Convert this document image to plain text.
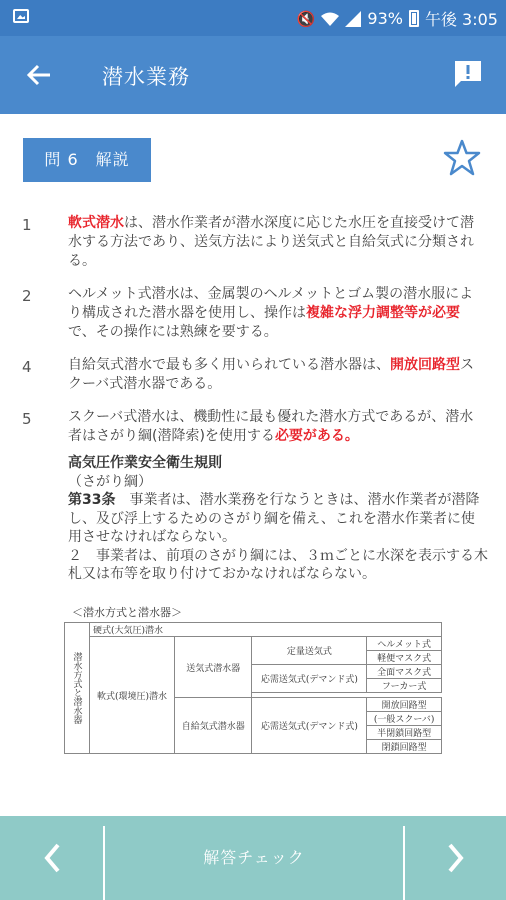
🔇	93% 午後 3:05
潜水業務
問 6　解説
1	軟式潜水は、潜水作業者が潜水深度に応じた水圧を直接受けて潜水する方法であり、送気方法により送気式と自給気式に分類される。
2	ヘルメット式潜水は、金属製のヘルメットとゴム製の潜水服により構成された潜水器を使用し、操作は複雑な浮力調整等が必要で、その操作には熟練を要する。
4	自給気式潜水で最も多く用いられている潜水器は、開放回路型スクーバ式潜水器である。
5	スクーバ式潜水は、機動性に最も優れた潜水方式であるが、潜水者はさがり綱(潜降索)を使用する必要がある。
高気圧作業安全衛生規則
（さがり綱）
第33条　事業者は、潜水業務を行なうときは、潜水作業者が潜降し、及び浮上するためのさがり綱を備え、これを潜水作業者に使用させなければならない。
２　事業者は、前項のさがり綱には、３ｍごとに水深を表示する木札又は布等を取り付けておかなければならない。
＜潜水方式と潜水器＞
潜水方式と潜水器	硬式(大気圧)潜水			
	軟式(環境圧)潜水	送気式潜水器	定量送気式	ヘルメット式
				軽便マスク式
			応需送気式(デマンド式)	全面マスク式
				フーカー式

		自給気式潜水器	応需送気式(デマンド式)	開放回路型
				(一般スクーバ)
				半閉鎖回路型
				閉鎖回路型
解答チェック
